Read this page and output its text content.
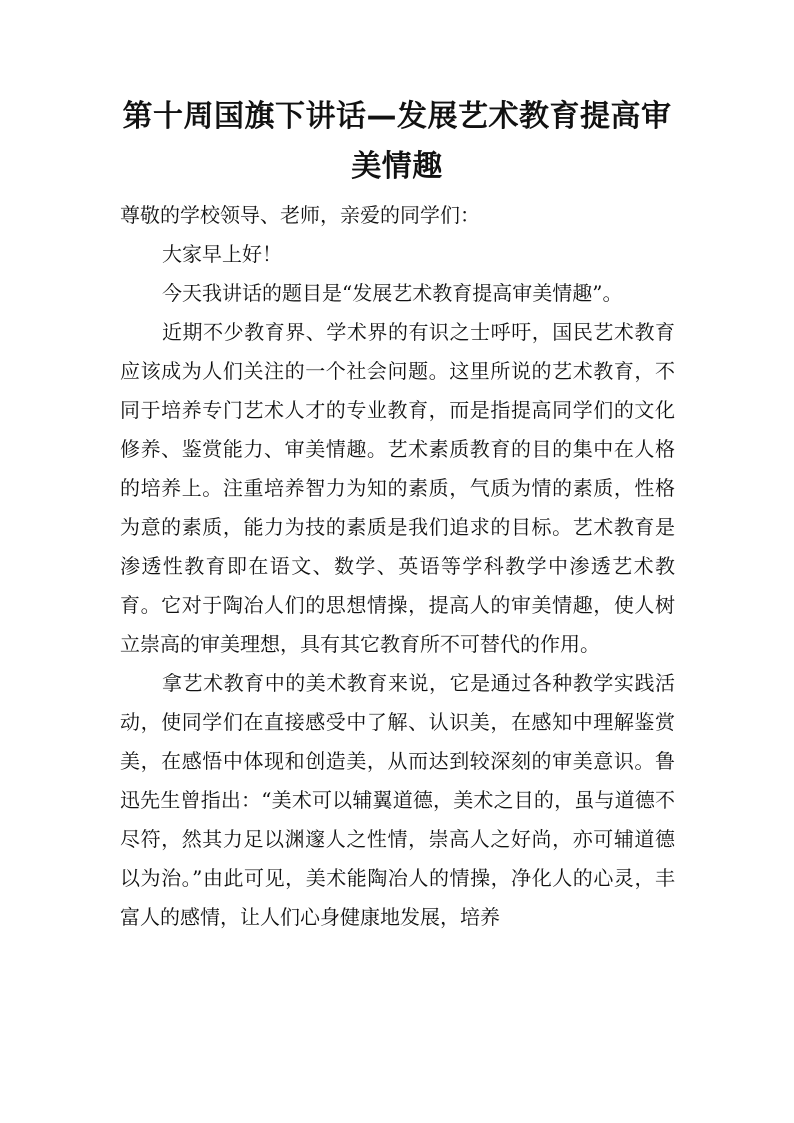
第十周国旗下讲话—发展艺术教育提高审
美情趣

尊敬的学校领导、老师，亲爱的同学们：

大家早上好！

今天我讲话的题目是“发展艺术教育提高审美情趣”。

近期不少教育界、学术界的有识之士呼吁，国民艺术教育应该成为人们关注的一个社会问题。这里所说的艺术教育，不同于培养专门艺术人才的专业教育，而是指提高同学们的文化修养、鉴赏能力、审美情趣。艺术素质教育的目的集中在人格的培养上。注重培养智力为知的素质，气质为情的素质，性格为意的素质，能力为技的素质是我们追求的目标。艺术教育是渗透性教育即在语文、数学、英语等学科教学中渗透艺术教育。它对于陶冶人们的思想情操，提高人的审美情趣，使人树立崇高的审美理想，具有其它教育所不可替代的作用。

拿艺术教育中的美术教育来说，它是通过各种教学实践活动，使同学们在直接感受中了解、认识美，在感知中理解鉴赏美，在感悟中体现和创造美，从而达到较深刻的审美意识。鲁迅先生曾指出：“美术可以辅翼道德，美术之目的，虽与道德不尽符，然其力足以渊邃人之性情，崇高人之好尚，亦可辅道德以为治。”由此可见，美术能陶冶人的情操，净化人的心灵，丰富人的感情，让人们心身健康地发展，培养
